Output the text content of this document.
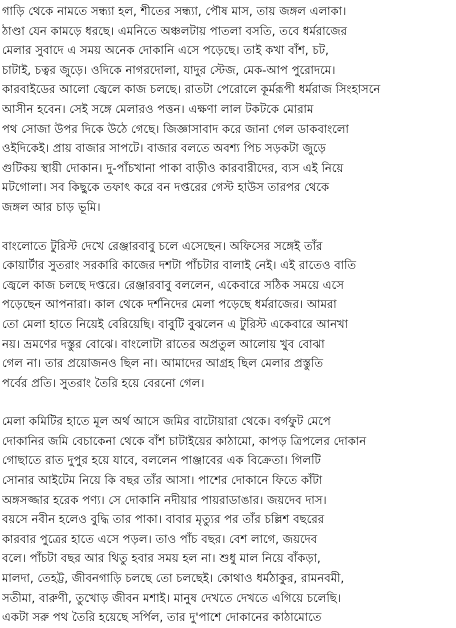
গাড়ি থেকে নামতে সন্ধ্যা হল, শীতের সন্ধ্যা, পৌষ মাস, তায় জঙ্গল এলাকা।
ঠাণ্ডা যেন কামড়ে ধরছে। এমনিতে অঞ্চলটায় পাতলা বসতি, তবে ধর্মরাজের
মেলার সুবাদে এ সময় অনেক দোকানি এসে পড়েছে। তাই কখা বাঁশ, চট,
চাটাই, চত্বর জুড়ে। ওদিকে নাগরদোলা, যাদুর স্টেজ, মেক-আপ পুরোদমে।
কারবাইডের আলো জ্বেলে কাজ চলছে। রাতটা পেরোলে কূর্মরূপী ধর্মরাজ সিংহাসনে
আসীন হবেন। সেই সঙ্গে মেলারও পত্তন। এক্ষণা লাল টকটকে মোরাম
পথ সোজা উপর দিকে উঠে গেছে। জিজ্ঞাসাবাদ করে জানা গেল ডাকবাংলো
ওইদিকেই। প্রায় বাজার সাপটে। বাজার বলতে অবশ্য পিচ সড়কটা জুড়ে
গুটিকয় স্থায়ী দোকান। দু-পাঁচখানা পাকা বাড়ীও কারবারীদের, ব্যস এই নিয়ে
মটগোলা। সব কিছুকে তফাৎ করে বন দপ্তরের গেস্ট হাউস তারপর থেকে
জঙ্গল আর চাড় ভূমি।
বাংলোতে টুরিস্ট দেখে রেঞ্জারবাবু চলে এসেছেন। অফিসের সঙ্গেই তাঁর
কোয়ার্টার সুতরাং সরকারি কাজের দশটা পাঁচটার বালাই নেই। এই রাতেও বাতি
জ্বেলে কাজ চলছে দপ্তরে। রেঞ্জারবাবু বললেন, একেবারে সঠিক সময়ে এসে
পড়েছেন আপনারা। কাল থেকে দর্শনিদের মেলা পড়েছে ধর্মরাজের। আমরা
তো মেলা হাতে নিয়েই বেরিয়েছি। বাবুটি বুঝলেন এ টুরিস্ট একেবারে আনখা
নয়। ভ্রমণের দস্তুর বোঝে। বাংলোটা রাতের অপ্রতুল আলোয় খুব বোঝা
গেল না। তার প্রয়োজনও ছিল না। আমাদের আগ্রহ ছিল মেলার প্রস্তুতি
পর্বের প্রতি। সুতরাং তৈরি হয়ে বেরনো গেল।
মেলা কমিটির হাতে মূল অর্থ আসে জমির বাটোয়ারা থেকে। বর্গফুট মেপে
দোকানির জমি বেচাকেনা থেকে বাঁশ চাটাইয়ের কাঠামো, কাপড় ত্রিপলের দোকান
গোছাতে রাত দুপুর হয়ে যাবে, বললেন পাঞ্জাবের এক বিক্রেতা। গিলটি
সোনার আইটেম নিয়ে কি বছর তাঁর আসা। পাশের দোকানে ফিতে কাঁটা
অঙ্গসজ্জার হরেক পণ্য। সে দোকানি নদীয়ার পায়রাডাঙার। জয়দেব দাস।
বয়সে নবীন হলেও বুদ্ধি তার পাকা। বাবার মৃত্যুর পর তাঁর চল্লিশ বছরের
কারবার পুত্রের হাতে এসে পড়ল। তাও পাঁচ বছর। বেশ লাগে, জয়দেব
বলে। পাঁচটা বছর আর থিতু হবার সময় হল না। শুধু মাল নিয়ে বাঁকড়া,
মালদা, তেহট্ট, জীবনগাড়ি চলছে তো চলছেই। কোথাও ধর্মঠাকুর, রামনবমী,
সতীমা, বারুণী, তুখোড় জীবন মশাই। মানুষ দেখতে দেখতে এগিয়ে চলেছি।
একটা সরু পথ তৈরি হয়েছে সর্পিল, তার দু'পাশে দোকানের কাঠামোতে
